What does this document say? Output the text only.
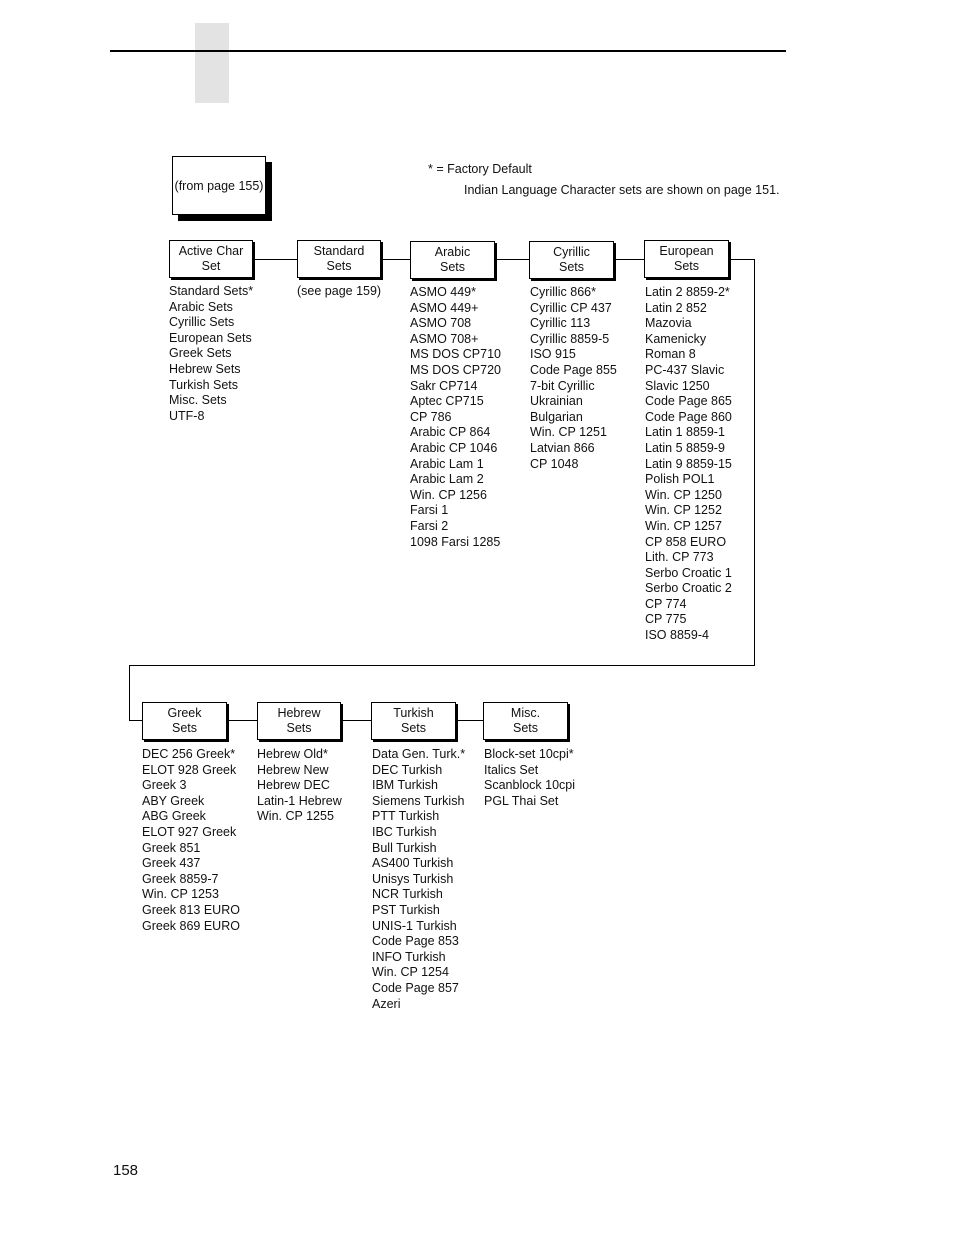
(from page 155)
* = Factory Default
Indian Language Character sets are shown on page 151.
Active Char
Set
Standard
Sets
Arabic
Sets
Cyrillic
Sets
European
Sets
Standard Sets*
Arabic Sets
Cyrillic Sets
European Sets
Greek Sets
Hebrew Sets
Turkish Sets
Misc. Sets
UTF-8
(see page 159) ASMO 449*
ASMO 449+
ASMO 708
ASMO 708+
MS DOS CP710
MS DOS CP720
Sakr CP714
Aptec CP715
CP 786
Arabic CP 864
Arabic CP 1046
Arabic Lam 1
Arabic Lam 2
Win. CP 1256
Farsi 1
Farsi 2
1098 Farsi 1285
Cyrillic 866*
Cyrillic CP 437
Cyrillic 113
Cyrillic 8859-5
ISO 915
Code Page 855
7-bit Cyrillic
Ukrainian
Bulgarian
Win. CP 1251
Latvian 866
CP 1048
Latin 2 8859-2*
Latin 2 852
Mazovia
Kamenicky
Roman 8
PC-437 Slavic
Slavic 1250
Code Page 865
Code Page 860
Latin 1 8859-1
Latin 5 8859-9
Latin 9 8859-15
Polish POL1
Win. CP 1250
Win. CP 1252
Win. CP 1257
CP 858 EURO
Lith. CP 773
Serbo Croatic 1
Serbo Croatic 2
CP 774
CP 775
ISO 8859-4
Greek
Sets
Hebrew
Sets
Turkish
Sets
Misc.
Sets
DEC 256 Greek*
ELOT 928 Greek
Greek 3
ABY Greek
ABG Greek
ELOT 927 Greek
Greek 851
Greek 437
Greek 8859-7
Win. CP 1253
Greek 813 EURO
Greek 869 EURO
Hebrew Old*
Hebrew New
Hebrew DEC
Latin-1 Hebrew
Win. CP 1255
Data Gen. Turk.*
DEC Turkish
IBM Turkish
Siemens Turkish
PTT Turkish
IBC Turkish
Bull Turkish
AS400 Turkish
Unisys Turkish
NCR Turkish
PST Turkish
UNIS-1 Turkish
Code Page 853
INFO Turkish
Win. CP 1254
Code Page 857
Azeri
Block-set 10cpi*
Italics Set
Scanblock 10cpi
PGL Thai Set
158
